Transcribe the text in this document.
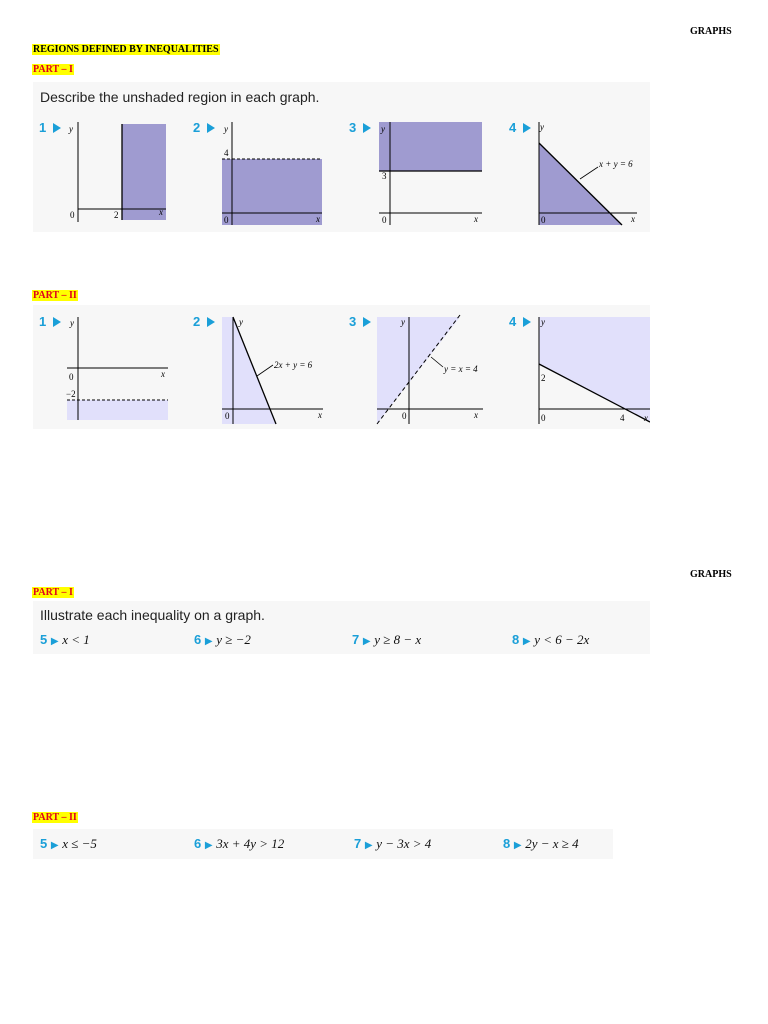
GRAPHS
REGIONS DEFINED BY INEQUALITIES
PART – I
Describe the unshaded region in each graph.
1	y
x
0	2
2	y
x
0
4
3	y
x
0
3
4	y
x
0
x + y = 6
PART – II
1	y
x
0
−2
2	y
x
0
2x + y = 6
3	y
x
0
y = x = 4
4	y
x
0
2
4
GRAPHS
PART – I
Illustrate each inequality on a graph.
5 ▶ x < 1	6 ▶ y ≥ −2	7 ▶ y ≥ 8 − x	8 ▶ y < 6 − 2x
PART – II
5 ▶ x ≤ −5	6 ▶ 3x + 4y > 12	7 ▶ y − 3x > 4	8 ▶ 2y − x ≥ 4
